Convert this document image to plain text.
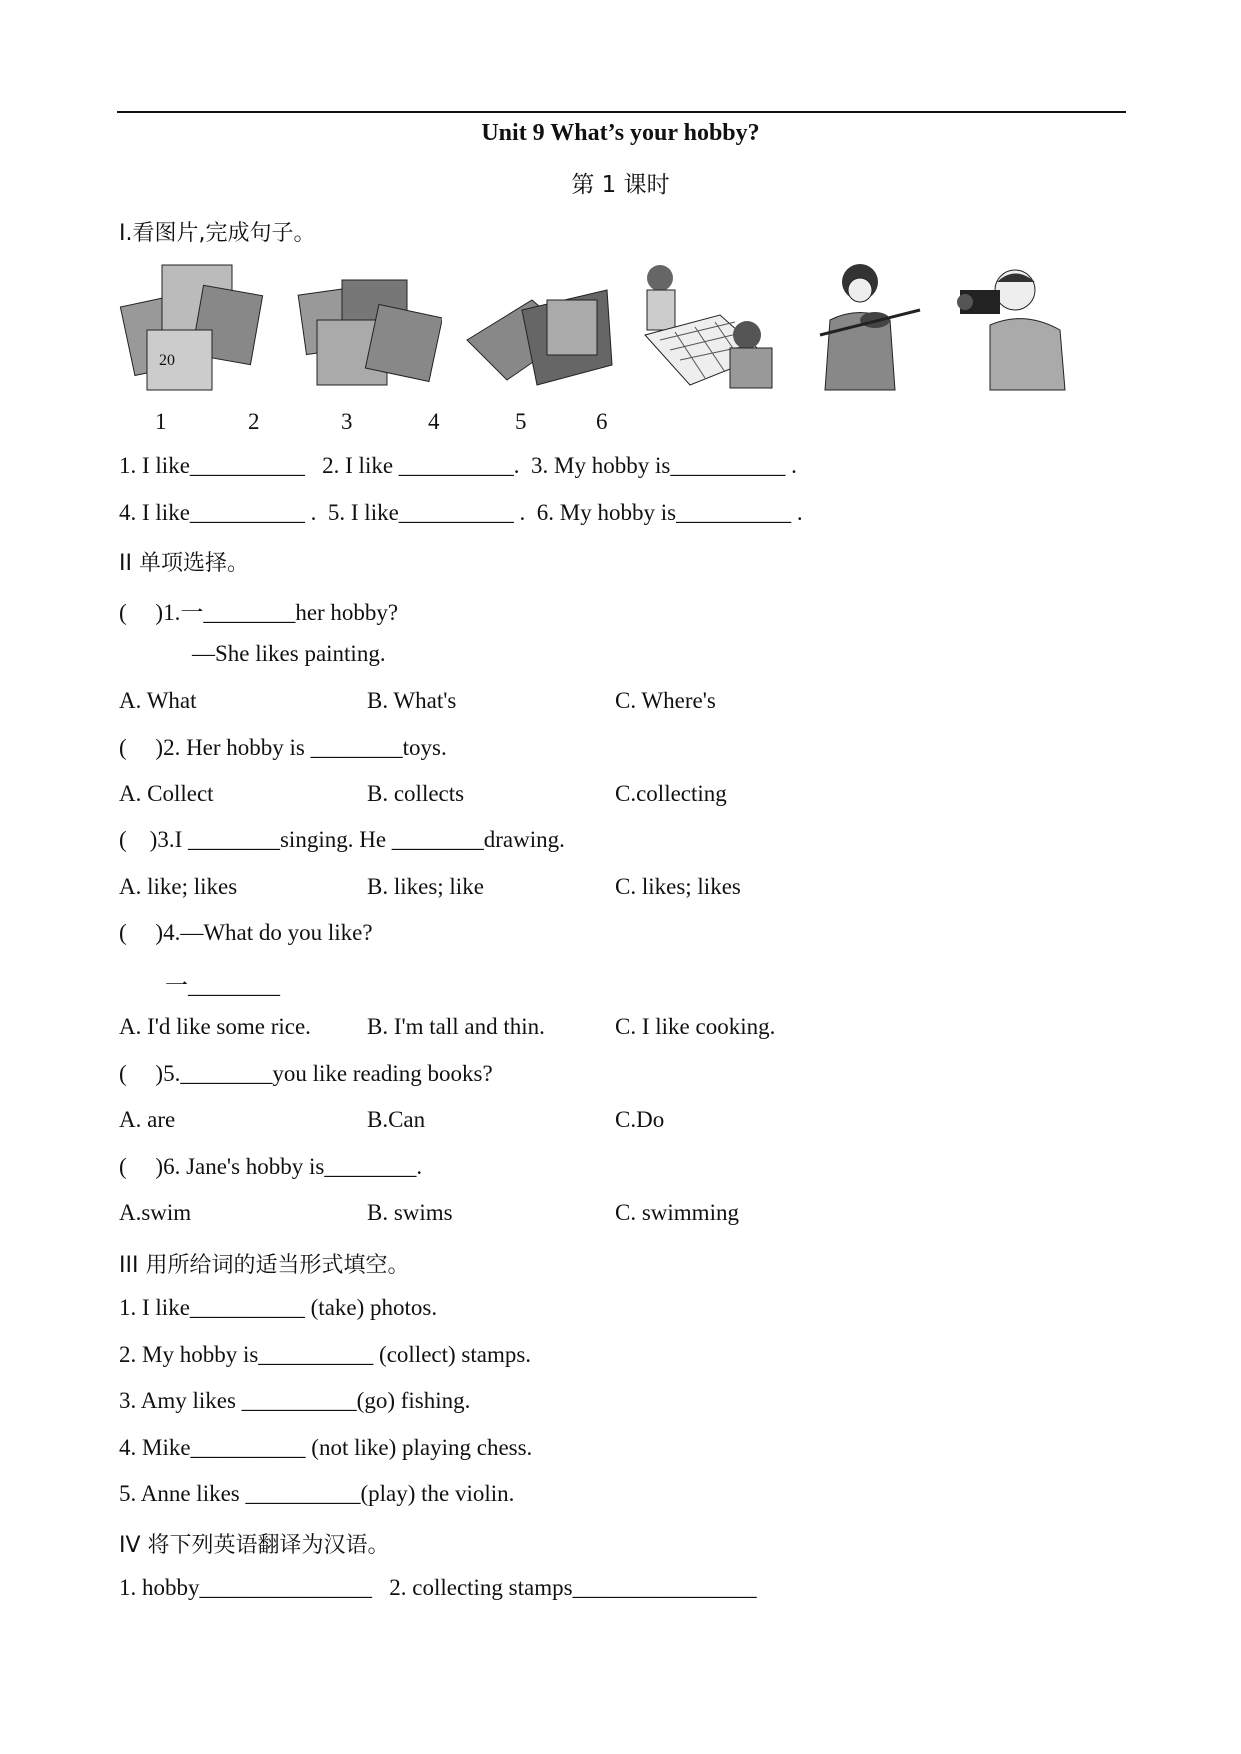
Unit 9 What’s your hobby?
第 1 课时
I.看图片,完成句子。
20
1	2	3	4	5	6
1. I like__________   2. I like __________.  3. My hobby is__________ .
4. I like__________ .  5. I like__________ .  6. My hobby is__________ .
II 单项选择。
(     )1.一________her hobby?
—She likes painting.
A. What	B. What's	C. Where's
(     )2. Her hobby is ________toys.
A. Collect	B. collects	C.collecting
(    )3.I ________singing. He ________drawing.
A. like; likes	B. likes; like	C. likes; likes
(     )4.—What do you like?
一________
A. I'd like some rice. B. I'm tall and thin.	C. I like cooking.
(     )5.________you like reading books?
A. are	B.Can	C.Do
(     )6. Jane's hobby is________.
A.swim	B. swims	C. swimming
III 用所给词的适当形式填空。
1. I like__________ (take) photos.
2. My hobby is__________ (collect) stamps.
3. Amy likes __________(go) fishing.
4. Mike__________ (not like) playing chess.
5. Anne likes __________(play) the violin.
IV 将下列英语翻译为汉语。
1. hobby_______________   2. collecting stamps________________
